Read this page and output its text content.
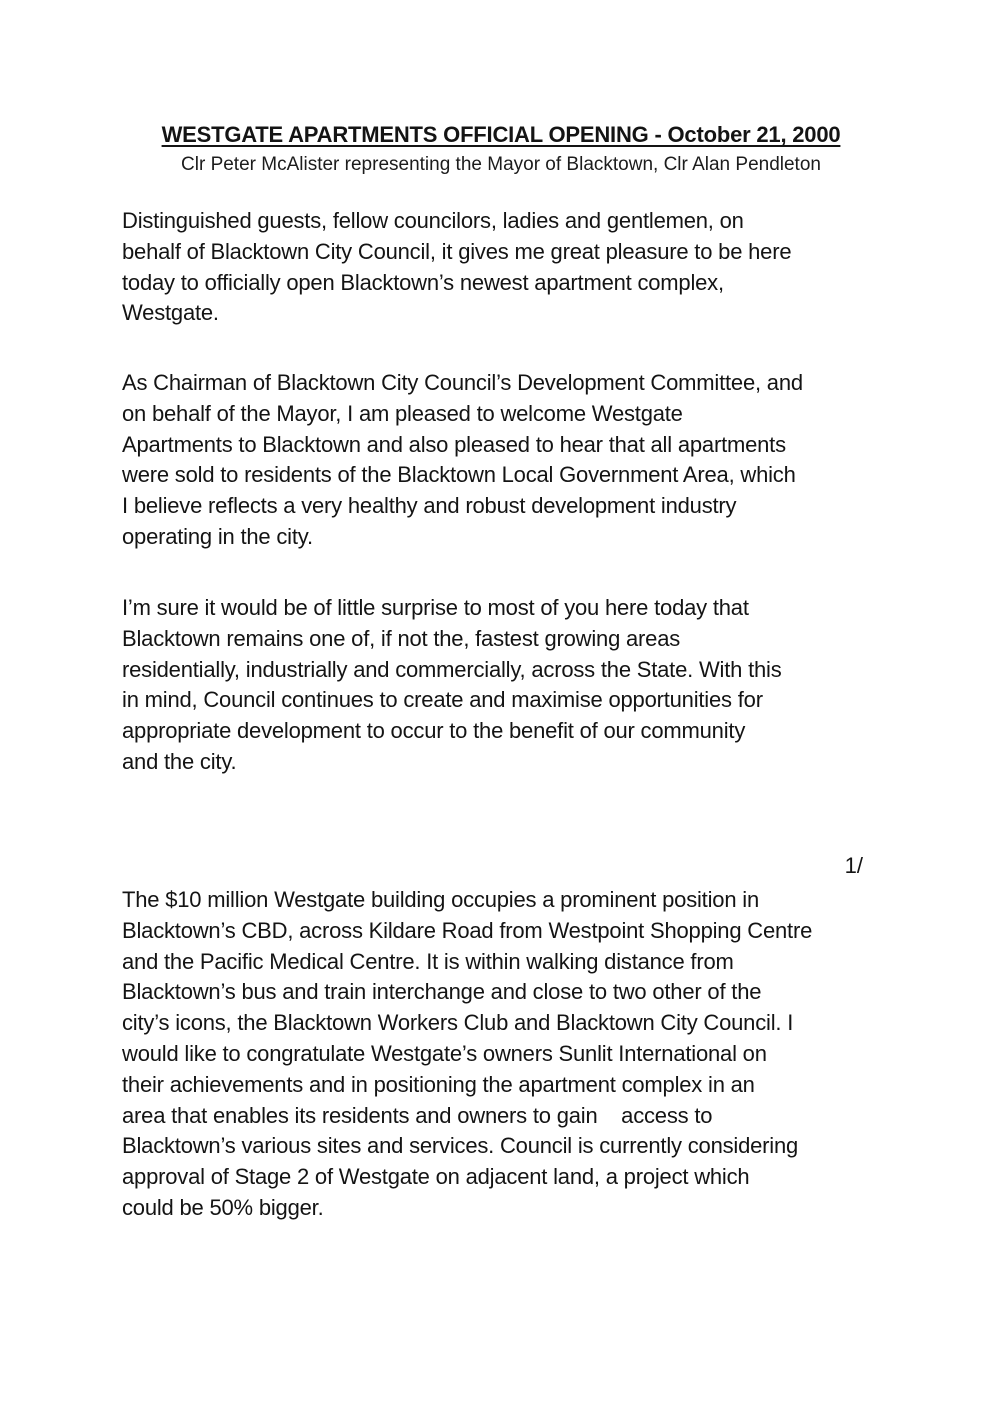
WESTGATE APARTMENTS OFFICIAL OPENING - October 21, 2000
Clr Peter McAlister representing the Mayor of Blacktown, Clr Alan Pendleton
Distinguished guests, fellow councilors, ladies and gentlemen, on
behalf of Blacktown City Council, it gives me great pleasure to be here
today to officially open Blacktown’s newest apartment complex,
Westgate.
As Chairman of Blacktown City Council’s Development Committee, and
on behalf of the Mayor, I am pleased to welcome Westgate
Apartments to Blacktown and also pleased to hear that all apartments
were sold to residents of the Blacktown Local Government Area, which
I believe reflects a very healthy and robust development industry
operating in the city.
I’m sure it would be of little surprise to most of you here today that
Blacktown remains one of, if not the, fastest growing areas
residentially, industrially and commercially, across the State. With this
in mind, Council continues to create and maximise opportunities for
appropriate development to occur to the benefit of our community
and the city.
1/
The $10 million Westgate building occupies a prominent position in
Blacktown’s CBD, across Kildare Road from Westpoint Shopping Centre
and the Pacific Medical Centre. It is within walking distance from
Blacktown’s bus and train interchange and close to two other of the
city’s icons, the Blacktown Workers Club and Blacktown City Council. I
would like to congratulate Westgate’s owners Sunlit International on
their achievements and in positioning the apartment complex in an
area that enables its residents and owners to gain    access to
Blacktown’s various sites and services. Council is currently considering
approval of Stage 2 of Westgate on adjacent land, a project which
could be 50% bigger.
